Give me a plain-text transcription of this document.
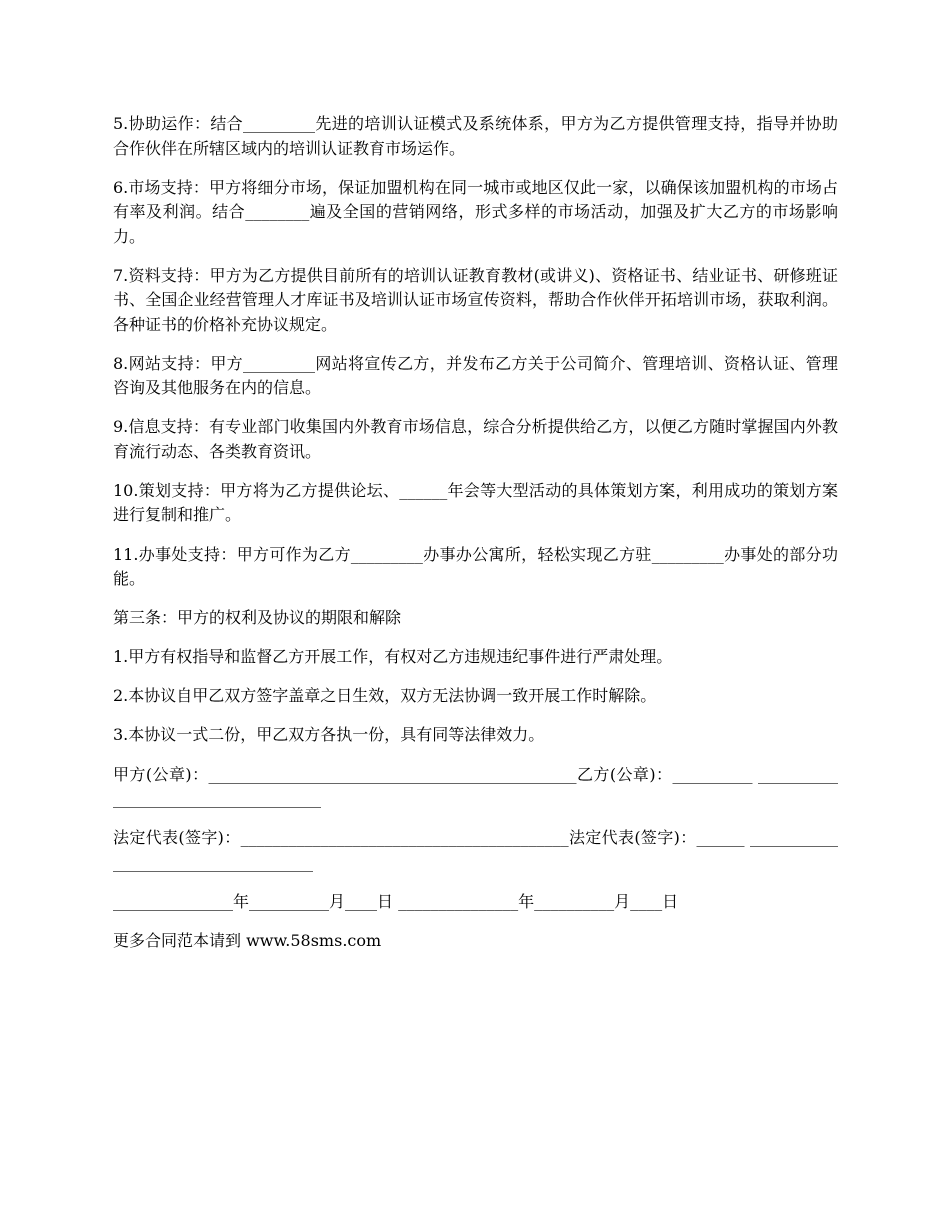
5.协助运作：结合_________先进的培训认证模式及系统体系，甲方为乙方提供管理支持，指导并协助合作伙伴在所辖区域内的培训认证教育市场运作。

6.市场支持：甲方将细分市场，保证加盟机构在同一城市或地区仅此一家，以确保该加盟机构的市场占有率及利润。结合________遍及全国的营销网络，形式多样的市场活动，加强及扩大乙方的市场影响力。

7.资料支持：甲方为乙方提供目前所有的培训认证教育教材(或讲义)、资格证书、结业证书、研修班证书、全国企业经营管理人才库证书及培训认证市场宣传资料，帮助合作伙伴开拓培训市场，获取利润。各种证书的价格补充协议规定。

8.网站支持：甲方_________网站将宣传乙方，并发布乙方关于公司简介、管理培训、资格认证、管理咨询及其他服务在内的信息。

9.信息支持：有专业部门收集国内外教育市场信息，综合分析提供给乙方，以便乙方随时掌握国内外教育流行动态、各类教育资讯。

10.策划支持：甲方将为乙方提供论坛、______年会等大型活动的具体策划方案，利用成功的策划方案进行复制和推广。

11.办事处支持：甲方可作为乙方_________办事办公寓所，轻松实现乙方驻_________办事处的部分功能。

第三条：甲方的权利及协议的期限和解除

1.甲方有权指导和监督乙方开展工作，有权对乙方违规违纪事件进行严肃处理。

2.本协议自甲乙双方签字盖章之日生效，双方无法协调一致开展工作时解除。

3.本协议一式二份，甲乙双方各执一份，具有同等法律效力。

甲方(公章)：______________________________________________乙方(公章)：__________ ____________________________________

法定代表(签字)：_________________________________________法定代表(签字)：______ ____________________________________

_______________年__________月____日 _______________年__________月____日

更多合同范本请到 www.58sms.com
